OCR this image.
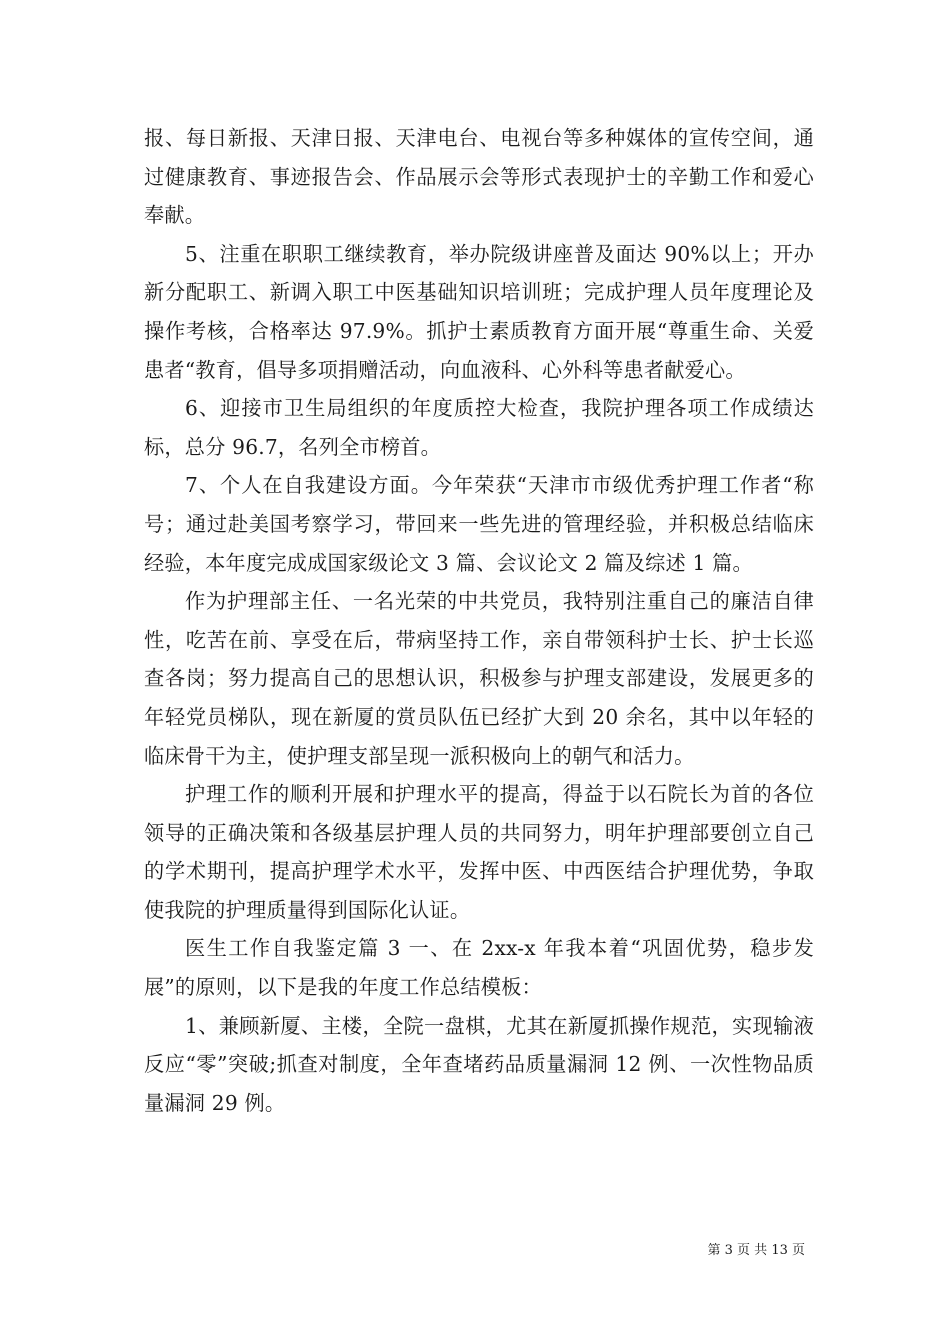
报、每日新报、天津日报、天津电台、电视台等多种媒体的宣传空间，通过健康教育、事迹报告会、作品展示会等形式表现护士的辛勤工作和爱心奉献。

5、注重在职职工继续教育，举办院级讲座普及面达 90%以上；开办新分配职工、新调入职工中医基础知识培训班；完成护理人员年度理论及操作考核，合格率达 97.9%。抓护士素质教育方面开展“尊重生命、关爱患者“教育，倡导多项捐赠活动，向血液科、心外科等患者献爱心。

6、迎接市卫生局组织的年度质控大检查，我院护理各项工作成绩达标，总分 96.7，名列全市榜首。

7、个人在自我建设方面。今年荣获“天津市市级优秀护理工作者“称号；通过赴美国考察学习，带回来一些先进的管理经验，并积极总结临床经验，本年度完成成国家级论文 3 篇、会议论文 2 篇及综述 1 篇。

作为护理部主任、一名光荣的中共党员，我特别注重自己的廉洁自律性，吃苦在前、享受在后，带病坚持工作，亲自带领科护士长、护士长巡查各岗；努力提高自己的思想认识，积极参与护理支部建设，发展更多的年轻党员梯队，现在新厦的赏员队伍已经扩大到 20 余名，其中以年轻的临床骨干为主，使护理支部呈现一派积极向上的朝气和活力。

护理工作的顺利开展和护理水平的提高，得益于以石院长为首的各位领导的正确决策和各级基层护理人员的共同努力，明年护理部要创立自己的学术期刊，提高护理学术水平，发挥中医、中西医结合护理优势，争取使我院的护理质量得到国际化认证。

医生工作自我鉴定篇 3 一、在 2xx-x 年我本着“巩固优势，稳步发展”的原则，以下是我的年度工作总结模板：

1、兼顾新厦、主楼，全院一盘棋，尤其在新厦抓操作规范，实现输液反应“零”突破;抓查对制度，全年查堵药品质量漏洞 12 例、一次性物品质量漏洞 29 例。

第 3 页 共 13 页
